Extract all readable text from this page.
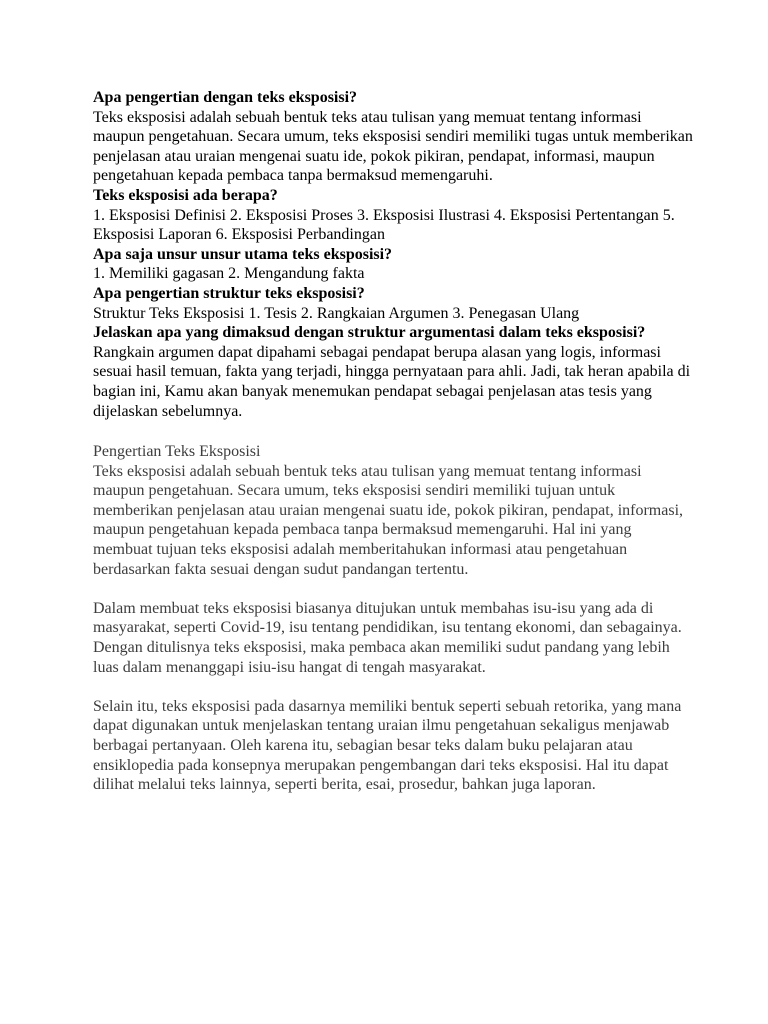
Apa pengertian dengan teks eksposisi?

Teks eksposisi adalah sebuah bentuk teks atau tulisan yang memuat tentang informasi maupun pengetahuan. Secara umum, teks eksposisi sendiri memiliki tugas untuk memberikan penjelasan atau uraian mengenai suatu ide, pokok pikiran, pendapat, informasi, maupun pengetahuan kepada pembaca tanpa bermaksud memengaruhi.

Teks eksposisi ada berapa?

1. Eksposisi Definisi 2. Eksposisi Proses 3. Eksposisi Ilustrasi 4. Eksposisi Pertentangan 5. Eksposisi Laporan 6. Eksposisi Perbandingan

Apa saja unsur unsur utama teks eksposisi?

1. Memiliki gagasan 2. Mengandung fakta

Apa pengertian struktur teks eksposisi?

Struktur Teks Eksposisi 1. Tesis 2. Rangkaian Argumen 3. Penegasan Ulang

Jelaskan apa yang dimaksud dengan struktur argumentasi dalam teks eksposisi?

Rangkain argumen dapat dipahami sebagai pendapat berupa alasan yang logis, informasi sesuai hasil temuan, fakta yang terjadi, hingga pernyataan para ahli. Jadi, tak heran apabila di bagian ini, Kamu akan banyak menemukan pendapat sebagai penjelasan atas tesis yang dijelaskan sebelumnya.

Pengertian Teks Eksposisi

Teks eksposisi adalah sebuah bentuk teks atau tulisan yang memuat tentang informasi maupun pengetahuan. Secara umum, teks eksposisi sendiri memiliki tujuan untuk memberikan penjelasan atau uraian mengenai suatu ide, pokok pikiran, pendapat, informasi, maupun pengetahuan kepada pembaca tanpa bermaksud memengaruhi. Hal ini yang membuat tujuan teks eksposisi adalah memberitahukan informasi atau pengetahuan berdasarkan fakta sesuai dengan sudut pandangan tertentu.

Dalam membuat teks eksposisi biasanya ditujukan untuk membahas isu-isu yang ada di masyarakat, seperti Covid-19, isu tentang pendidikan, isu tentang ekonomi, dan sebagainya. Dengan ditulisnya teks eksposisi, maka pembaca akan memiliki sudut pandang yang lebih luas dalam menanggapi isiu-isu hangat di tengah masyarakat.

Selain itu, teks eksposisi pada dasarnya memiliki bentuk seperti sebuah retorika, yang mana dapat digunakan untuk menjelaskan tentang uraian ilmu pengetahuan sekaligus menjawab berbagai pertanyaan. Oleh karena itu, sebagian besar teks dalam buku pelajaran atau ensiklopedia pada konsepnya merupakan pengembangan dari teks eksposisi. Hal itu dapat dilihat melalui teks lainnya, seperti berita, esai, prosedur, bahkan juga laporan.
